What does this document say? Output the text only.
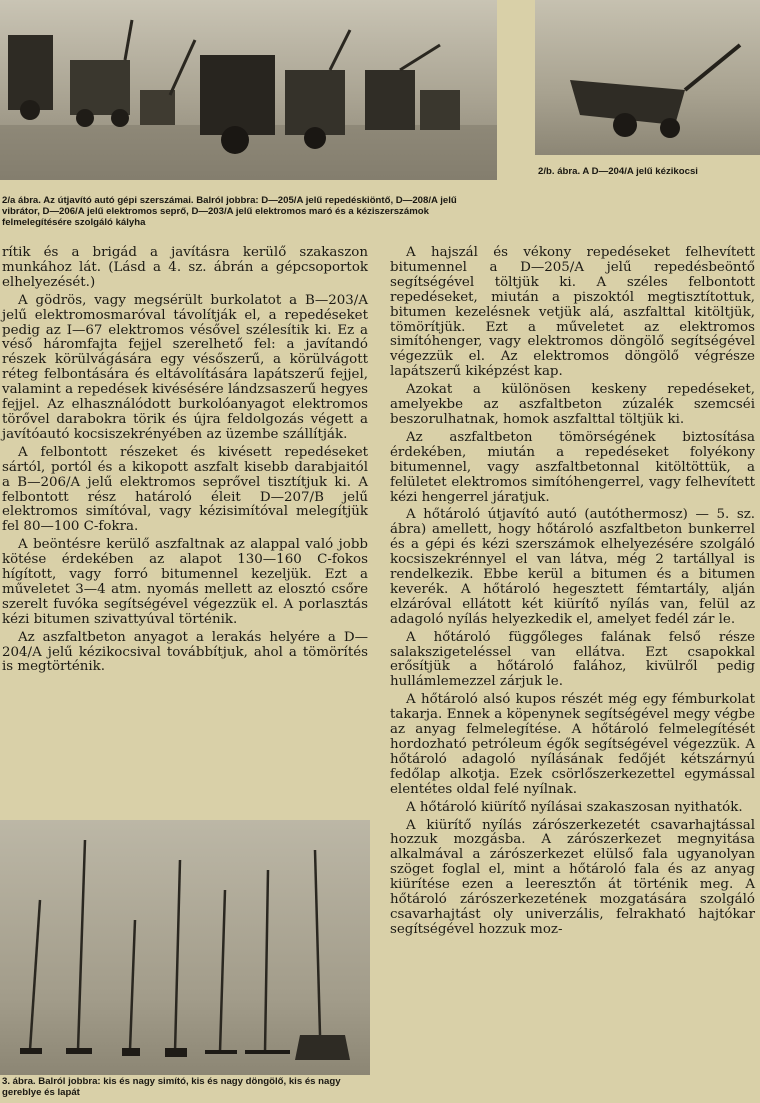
2/a ábra. Az útjavító autó gépi szerszámai. Balról jobbra: D—205/A jelű repedéskiöntő, D—208/A jelű vibrátor, D—206/A jelű elektromos seprő, D—203/A jelű elektromos maró és a kéziszerszámok felmelegítésére szolgáló kályha
2/b. ábra. A D—204/A jelű kézikocsi
3. ábra. Balról jobbra: kis és nagy simító, kis és nagy döngölő, kis és nagy gereblye és lapát

rítik és a brigád a javításra kerülő szakaszon munkához lát. (Lásd a 4. sz. ábrán a gépcsoportok elhelyezését.)

A gödrös, vagy megsérült burkolatot a B—203/A jelű elektromosmaróval távolítják el, a repedéseket pedig az I—67 elektromos vésővel szélesítik ki. Ez a véső háromfajta fejjel szerelhető fel: a javítandó részek körülvágására egy vésőszerű, a körülvágott réteg felbontására és eltávolítására lapátszerű fejjel, valamint a repedések kivésésére lándzsaszerű hegyes fejjel. Az elhasználódott burkolóanyagot elektromos törővel darabokra törik és újra feldolgozás végett a javítóautó kocsiszekrényében az üzembe szállítják.

A felbontott részeket és kivésett repedéseket sártól, portól és a kikopott aszfalt kisebb darabjaitól a B—206/A jelű elektromos seprővel tisztítjuk ki. A felbontott rész határoló éleit D—207/B jelű elektromos simítóval, vagy kézisimítóval melegítjük fel 80—100 C-fokra.

A beöntésre kerülő aszfaltnak az alappal való jobb kötése érdekében az alapot 130—160 C-fokos hígított, vagy forró bitumennel kezeljük. Ezt a műveletet 3—4 atm. nyomás mellett az elosztó csőre szerelt fuvóka segítségével végezzük el. A porlasztás kézi bitumen szivattyúval történik.

Az aszfaltbeton anyagot a lerakás helyére a D—204/A jelű kézikocsival továbbítjuk, ahol a tömörítés is megtörténik.

A hajszál és vékony repedéseket felhevített bitumennel a D—205/A jelű repedésbeöntő segítségével töltjük ki. A széles felbontott repedéseket, miután a piszoktól megtisztítottuk, bitumen kezelésnek vetjük alá, aszfalttal kitöltjük, tömörítjük. Ezt a műveletet az elektromos simítóhenger, vagy elektromos döngölő segítségével végezzük el. Az elektromos döngölő végrésze lapátszerű kiképzést kap.

Azokat a különösen keskeny repedéseket, amelyekbe az aszfaltbeton zúzalék szemcséi beszorulhatnak, homok aszfalttal töltjük ki.

Az aszfaltbeton tömörségének biztosítása érdekében, miután a repedéseket folyékony bitumennel, vagy aszfaltbetonnal kitöltöttük, a felületet elektromos simítóhengerrel, vagy felhevített kézi hengerrel járatjuk.

A hőtároló útjavító autó (autóthermosz) — 5. sz. ábra) amellett, hogy hőtároló aszfaltbeton bunkerrel és a gépi és kézi szerszámok elhelyezésére szolgáló kocsiszekrénnyel el van látva, még 2 tartállyal is rendelkezik. Ebbe kerül a bitumen és a bitumen keverék. A hőtároló hegesztett fémtartály, alján elzáróval ellátott két kiürítő nyílás van, felül az adagoló nyílás helyezkedik el, amelyet fedél zár le.

A hőtároló függőleges falának felső része salakszigeteléssel van ellátva. Ezt csapokkal erősítjük a hőtároló falához, kivülről pedig hullámlemezzel zárjuk le.

A hőtároló alsó kupos részét még egy fémburkolat takarja. Ennek a köpenynek segítségével megy végbe az anyag felmelegítése. A hőtároló felmelegítését hordozható petróleum égők segítségével végezzük. A hőtároló adagoló nyílásának fedőjét kétszárnyú fedőlap alkotja. Ezek csörlőszerkezettel egymással elentétes oldal felé nyílnak.

A hőtároló kiürítő nyílásai szakaszosan nyithatók.

A kiürítő nyílás zárószerkezetét csavarhajtással hozzuk mozgásba. A zárószerkezet megnyitása alkalmával a zárószerkezet elülső fala ugyanolyan szöget foglal el, mint a hőtároló fala és az anyag kiürítése ezen a leeresztőn át történik meg. A hőtároló zárószerkezetének mozgatására szolgáló csavarhajtást oly univerzális, felrakható hajtókar segítségével hozzuk moz-
